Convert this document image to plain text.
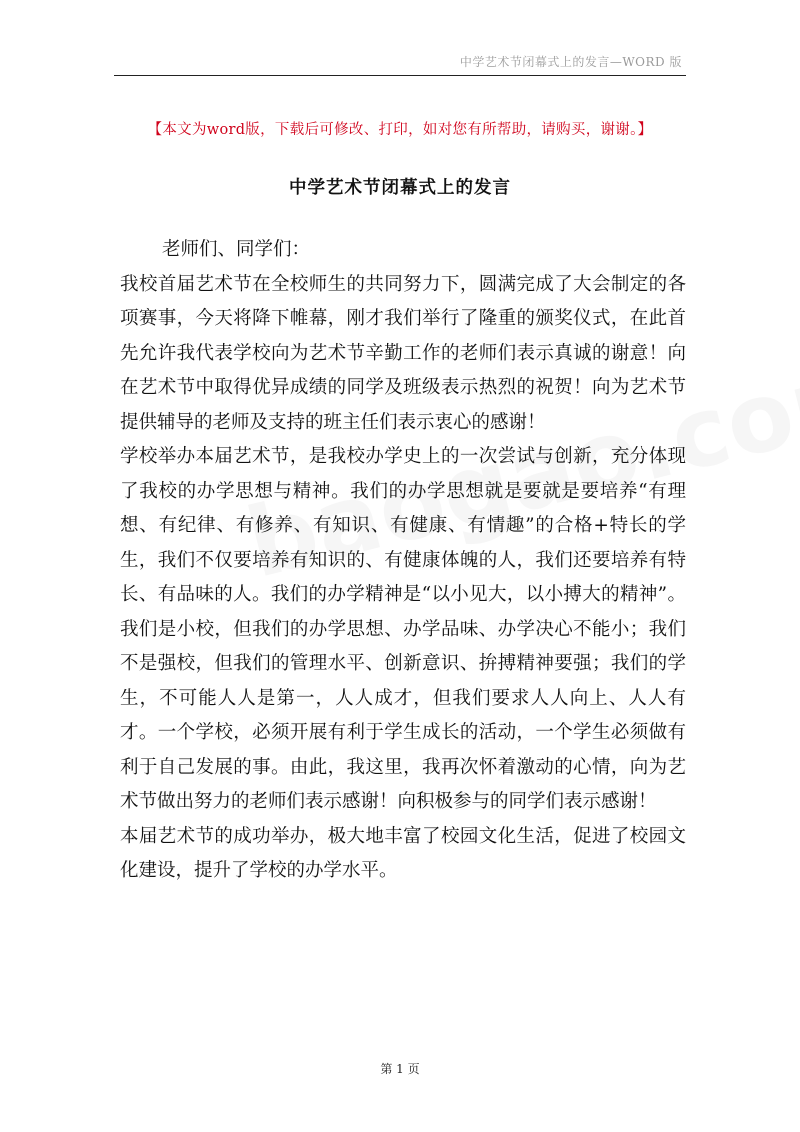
中学艺术节闭幕式上的发言—WORD 版
【本文为word版，下载后可修改、打印，如对您有所帮助，请购买，谢谢。】
中学艺术节闭幕式上的发言

老师们、同学们：

我校首届艺术节在全校师生的共同努力下，圆满完成了大会制定的各项赛事，今天将降下帷幕，刚才我们举行了隆重的颁奖仪式，在此首先允许我代表学校向为艺术节辛勤工作的老师们表示真诚的谢意！向在艺术节中取得优异成绩的同学及班级表示热烈的祝贺！向为艺术节提供辅导的老师及支持的班主任们表示衷心的感谢！

学校举办本届艺术节，是我校办学史上的一次尝试与创新，充分体现了我校的办学思想与精神。我们的办学思想就是要就是要培养“有理想、有纪律、有修养、有知识、有健康、有情趣”的合格+特长的学生，我们不仅要培养有知识的、有健康体魄的人，我们还要培养有特长、有品味的人。我们的办学精神是“以小见大，以小搏大的精神”。我们是小校，但我们的办学思想、办学品味、办学决心不能小；我们不是强校，但我们的管理水平、创新意识、拚搏精神要强；我们的学生，不可能人人是第一，人人成才，但我们要求人人向上、人人有才。一个学校，必须开展有利于学生成长的活动，一个学生必须做有利于自己发展的事。由此，我这里，我再次怀着激动的心情，向为艺术节做出努力的老师们表示感谢！向积极参与的同学们表示感谢！

本届艺术节的成功举办，极大地丰富了校园文化生活，促进了校园文化建设，提升了学校的办学水平。

第 1 页
